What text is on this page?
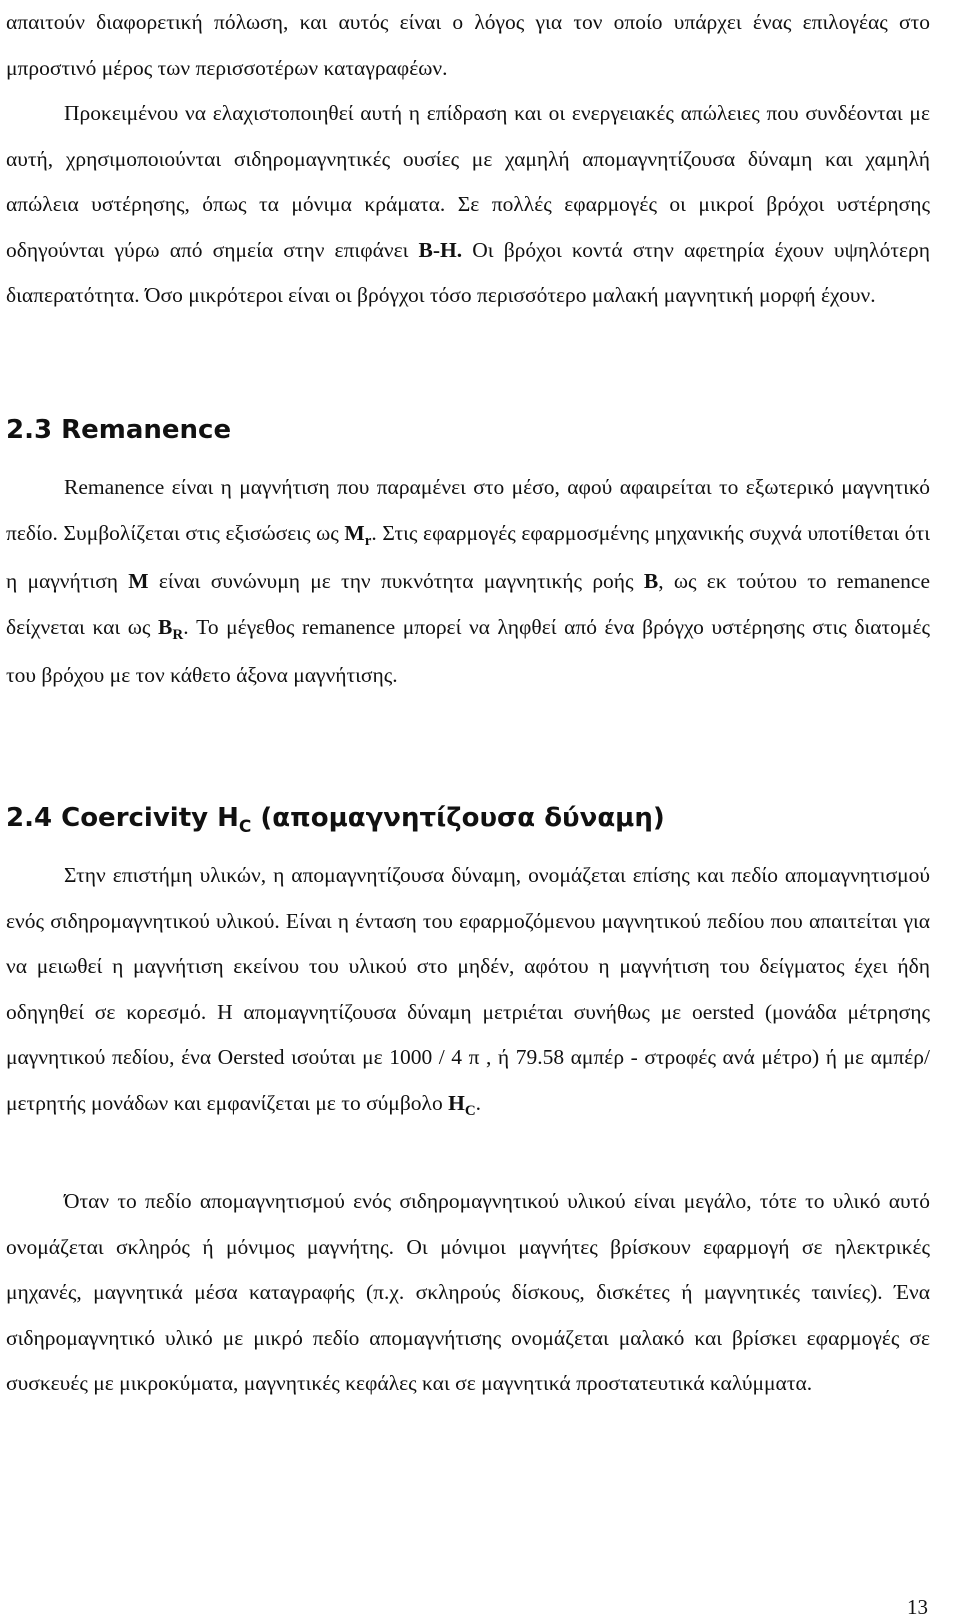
απαιτούν διαφορετική πόλωση, και αυτός είναι ο λόγος για τον οποίο υπάρχει ένας επιλογέας στο μπροστινό μέρος των περισσοτέρων καταγραφέων.

Προκειμένου να ελαχιστοποιηθεί αυτή η επίδραση και οι ενεργειακές απώλειες που συνδέονται με αυτή, χρησιμοποιούνται σιδηρομαγνητικές ουσίες με χαμηλή απομαγνητίζουσα δύναμη και χαμηλή απώλεια υστέρησης, όπως τα μόνιμα κράματα. Σε πολλές εφαρμογές οι μικροί βρόχοι υστέρησης οδηγούνται γύρω από σημεία στην επιφάνει B-H. Οι βρόχοι κοντά στην αφετηρία έχουν υψηλότερη διαπερατότητα. Όσο μικρότεροι είναι οι βρόγχοι τόσο περισσότερο μαλακή μαγνητική μορφή έχουν.

2.3 Remanence

Remanence είναι η μαγνήτιση που παραμένει στο μέσο, αφού αφαιρείται το εξωτερικό μαγνητικό πεδίο. Συμβολίζεται στις εξισώσεις ως $M_r$. Στις εφαρμογές εφαρμοσμένης μηχανικής συχνά υποτίθεται ότι η μαγνήτιση M είναι συνώνυμη με την πυκνότητα μαγνητικής ροής B, ως εκ τούτου το remanence δείχνεται και ως $B_R$. Το μέγεθος remanence μπορεί να ληφθεί από ένα βρόγχο υστέρησης στις διατομές του βρόχου με τον κάθετο άξονα μαγνήτισης.

2.4 Coercivity $H_C$ (απομαγνητίζουσα δύναμη)

Στην επιστήμη υλικών, η απομαγνητίζουσα δύναμη, ονομάζεται επίσης και πεδίο απομαγνητισμού ενός σιδηρομαγνητικού υλικού. Είναι η ένταση του εφαρμοζόμενου μαγνητικού πεδίου που απαιτείται για να μειωθεί η μαγνήτιση εκείνου του υλικού στο μηδέν, αφότου η μαγνήτιση του δείγματος έχει ήδη οδηγηθεί σε κορεσμό. Η απομαγνητίζουσα δύναμη μετριέται συνήθως με oersted (μονάδα μέτρησης μαγνητικού πεδίου, ένα Oersted ισούται με 1000 / 4 π , ή 79.58 αμπέρ - στροφές ανά μέτρο) ή με αμπέρ/ μετρητής μονάδων και εμφανίζεται με το σύμβολο $H_C$.

Όταν το πεδίο απομαγνητισμού ενός σιδηρομαγνητικού υλικού είναι μεγάλο, τότε το υλικό αυτό ονομάζεται σκληρός ή μόνιμος μαγνήτης. Οι μόνιμοι μαγνήτες βρίσκουν εφαρμογή σε ηλεκτρικές μηχανές, μαγνητικά μέσα καταγραφής (π.χ. σκληρούς δίσκους, δισκέτες ή μαγνητικές ταινίες). Ένα σιδηρομαγνητικό υλικό με μικρό πεδίο απομαγνήτισης ονομάζεται μαλακό και βρίσκει εφαρμογές σε συσκευές με μικροκύματα, μαγνητικές κεφάλες και σε μαγνητικά προστατευτικά καλύμματα.

13
